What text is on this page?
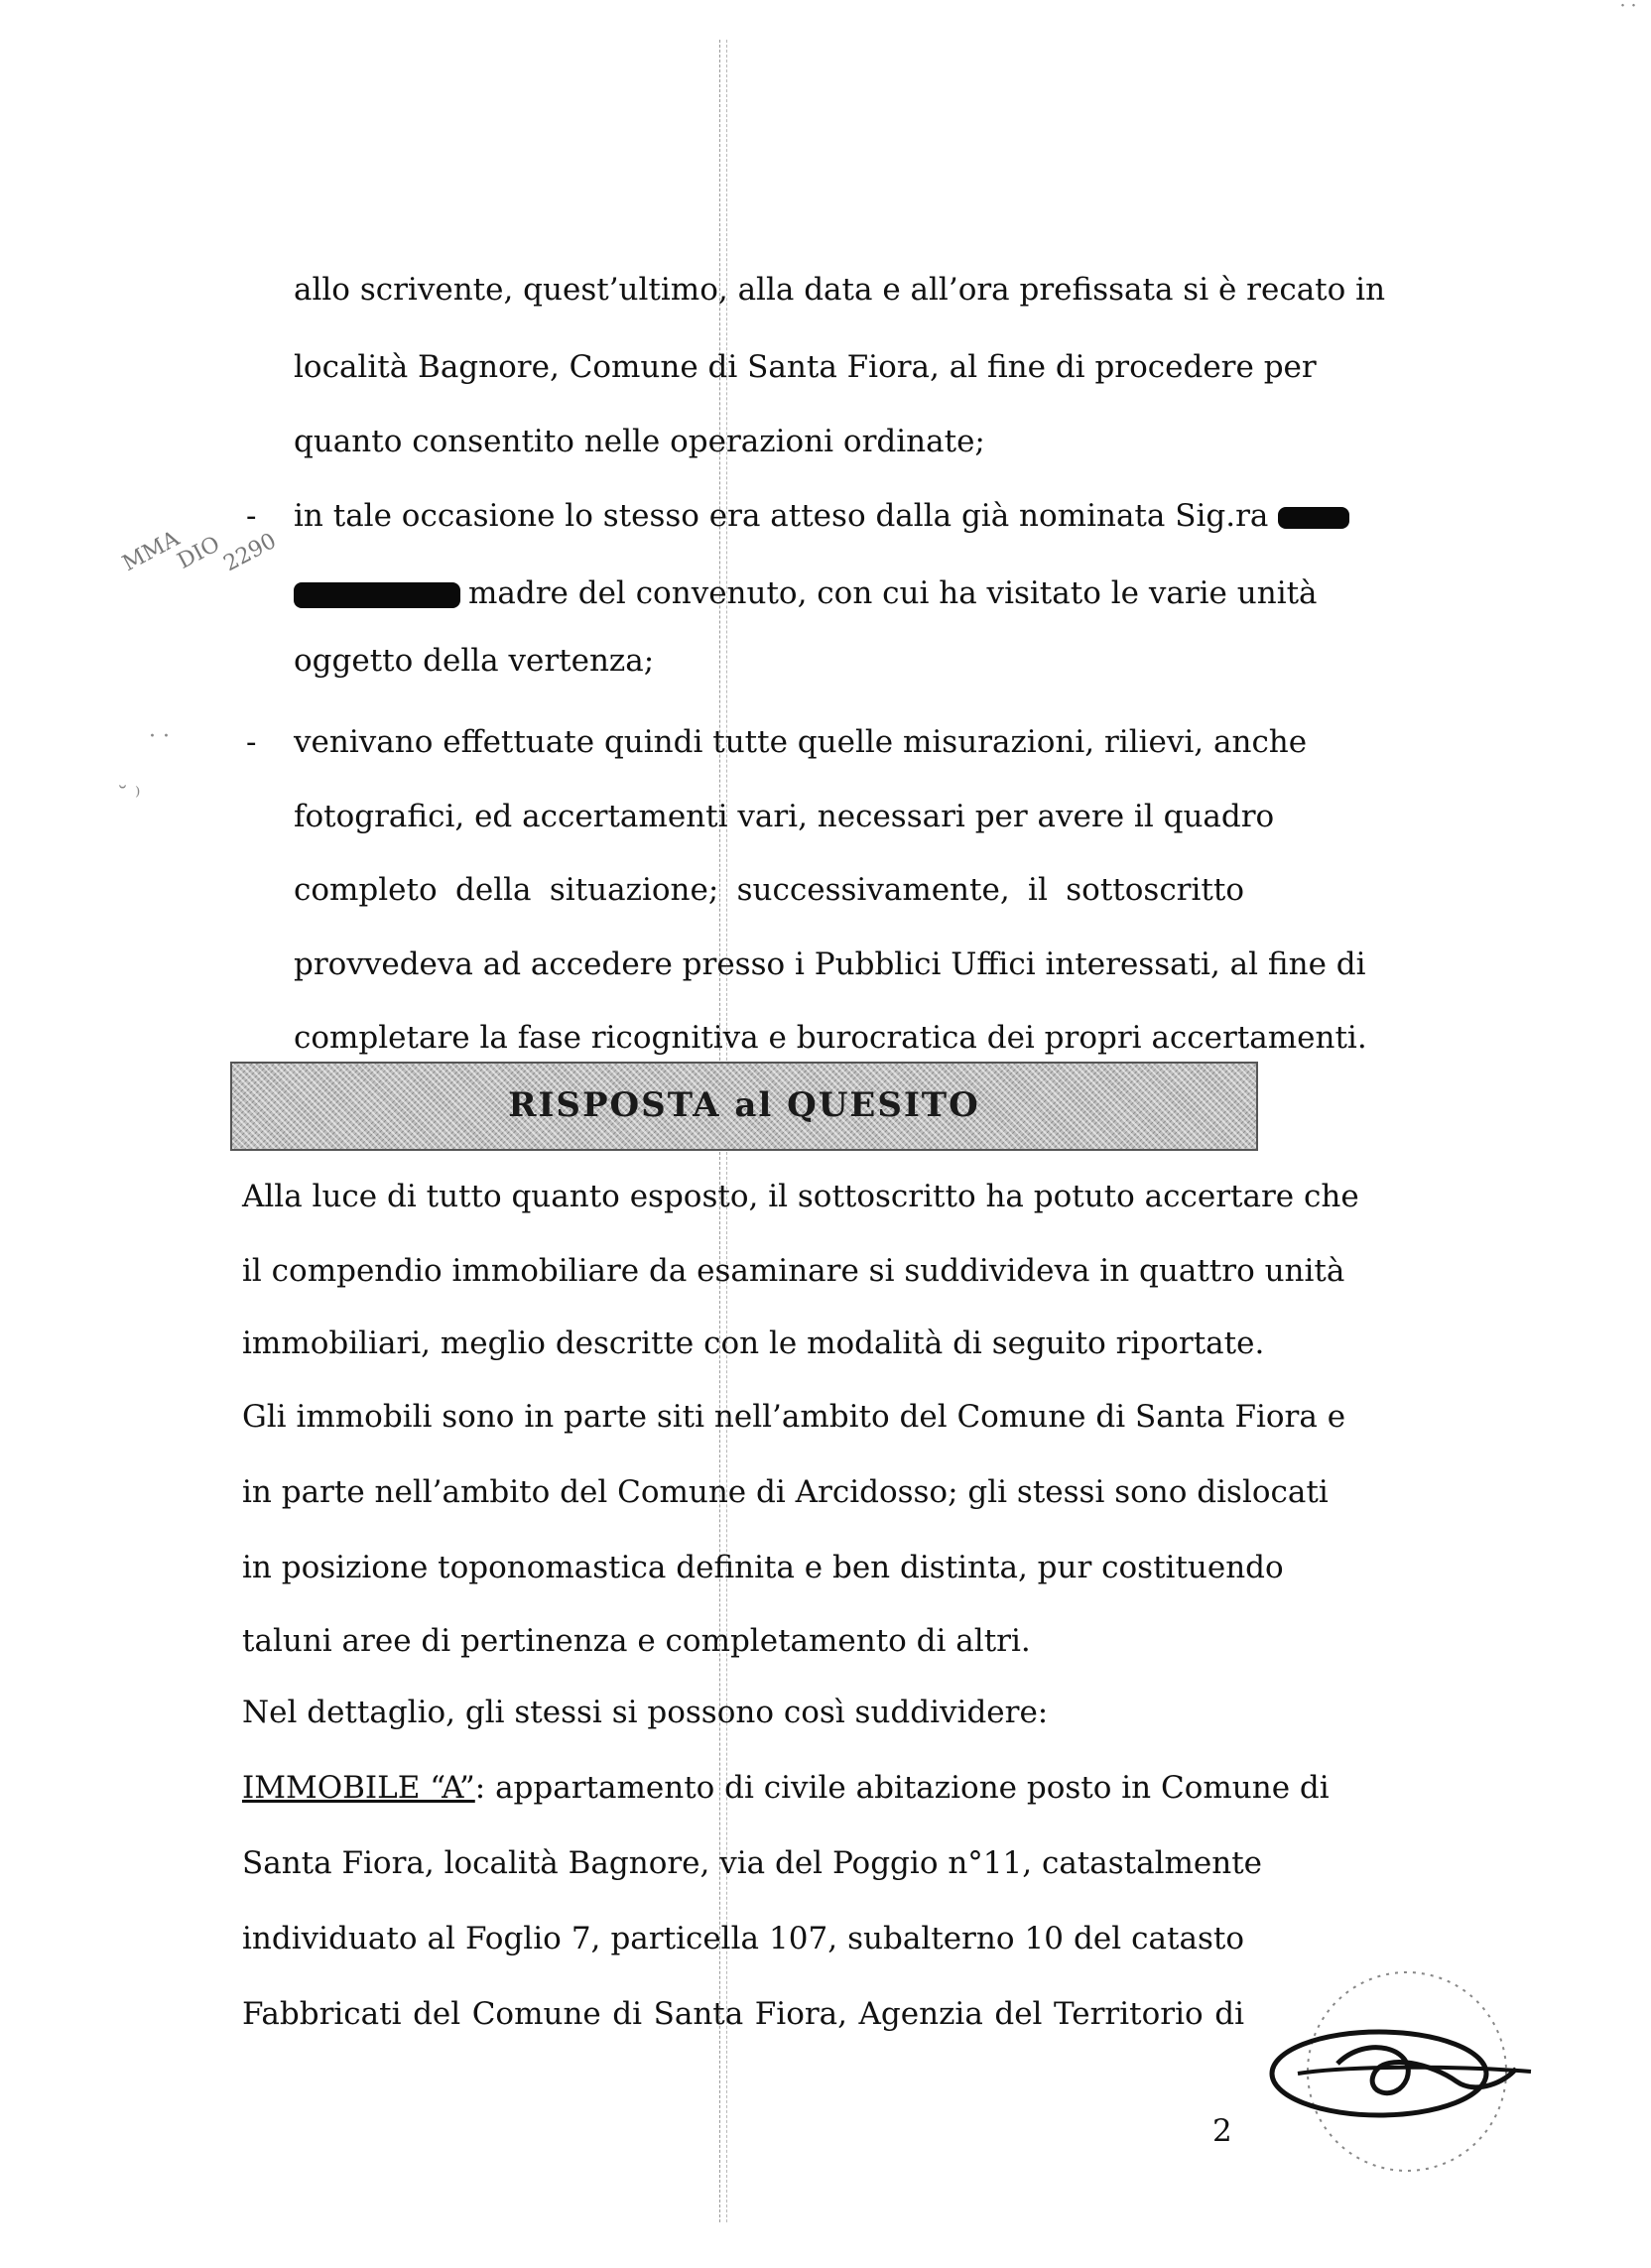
allo scrivente, quest’ultimo, alla data e all’ora prefissata si è recato in
località Bagnore, Comune di Santa Fiora, al fine di procedere per
quanto consentito nelle operazioni ordinate;
- in tale occasione lo stesso era atteso dalla già nominata Sig.ra
madre del convenuto, con cui ha visitato le varie unità
oggetto della vertenza;
- venivano effettuate quindi tutte quelle misurazioni, rilievi, anche
fotografici, ed accertamenti vari, necessari per avere il quadro
completo della situazione; successivamente, il sottoscritto
provvedeva ad accedere presso i Pubblici Uffici interessati, al fine di
completare la fase ricognitiva e burocratica dei propri accertamenti.
RISPOSTA al QUESITO
Alla luce di tutto quanto esposto, il sottoscritto ha potuto accertare che
il compendio immobiliare da esaminare si suddivideva in quattro unità
immobiliari, meglio descritte con le modalità di seguito riportate.
Gli immobili sono in parte siti nell’ambito del Comune di Santa Fiora e
in parte nell’ambito del Comune di Arcidosso; gli stessi sono dislocati
in posizione toponomastica definita e ben distinta, pur costituendo
taluni aree di pertinenza e completamento di altri.
Nel dettaglio, gli stessi si possono così suddividere:
IMMOBILE “A”: appartamento di civile abitazione posto in Comune di
Santa Fiora, località Bagnore, via del Poggio n°11, catastalmente
individuato al Foglio 7, particella 107, subalterno 10 del catasto
Fabbricati del Comune di Santa Fiora, Agenzia del Territorio di
2
MMA
DIO
2290
· ·
˘ ⁾
˙˙
